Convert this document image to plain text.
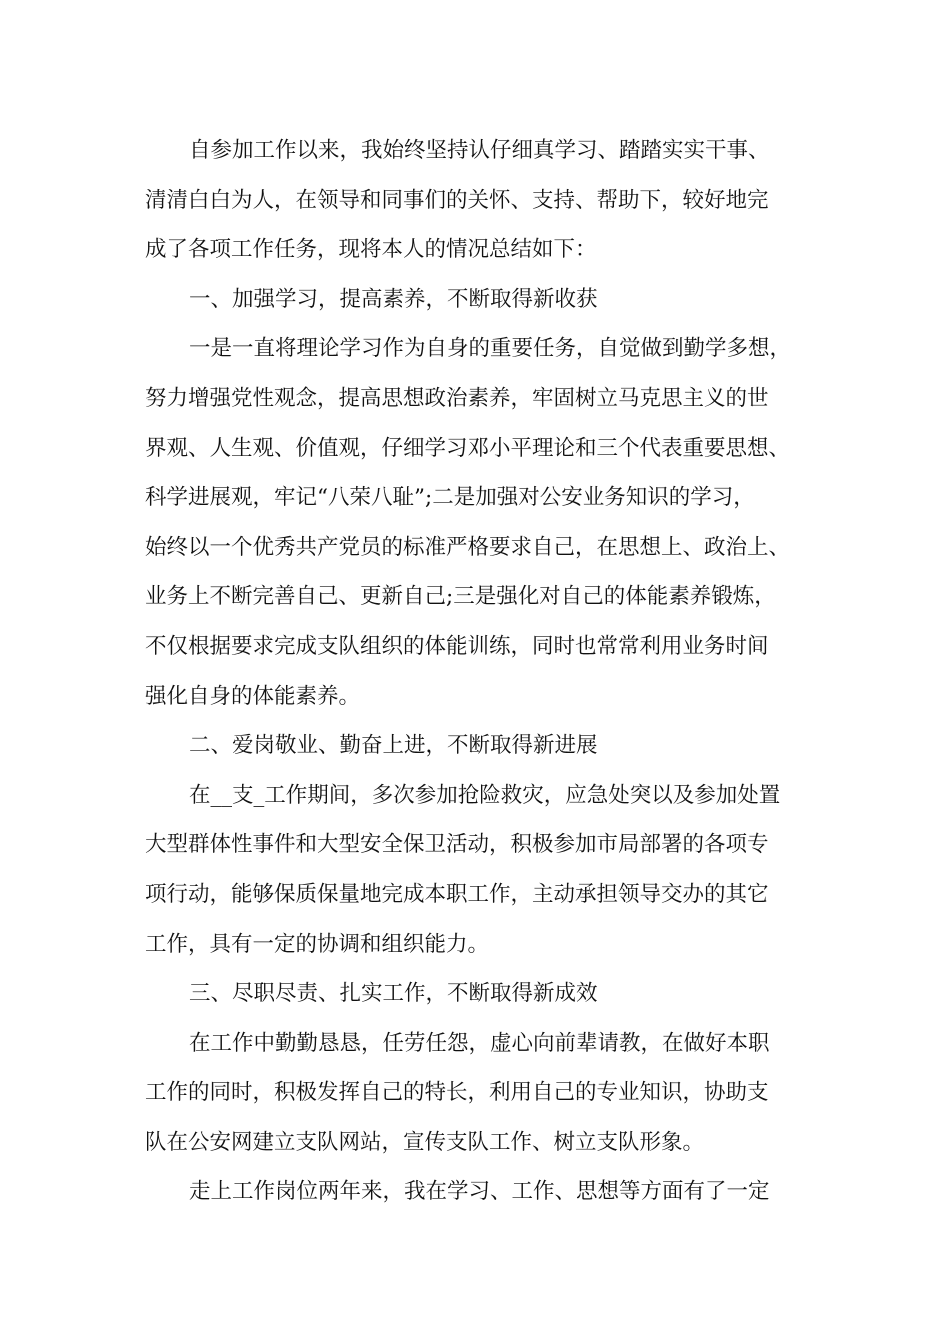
自参加工作以来，我始终坚持认仔细真学习、踏踏实实干事、
清清白白为人，在领导和同事们的关怀、支持、帮助下，较好地完
成了各项工作任务，现将本人的情况总结如下：
一、加强学习，提高素养，不断取得新收获
一是一直将理论学习作为自身的重要任务，自觉做到勤学多想，
努力增强党性观念，提高思想政治素养，牢固树立马克思主义的世
界观、人生观、价值观，仔细学习邓小平理论和三个代表重要思想、
科学进展观，牢记“八荣八耻”;二是加强对公安业务知识的学习，
始终以一个优秀共产党员的标准严格要求自己，在思想上、政治上、
业务上不断完善自己、更新自己;三是强化对自己的体能素养锻炼，
不仅根据要求完成支队组织的体能训练，同时也常常利用业务时间
强化自身的体能素养。
二、爱岗敬业、勤奋上进，不断取得新进展
在__支_工作期间，多次参加抢险救灾，应急处突以及参加处置
大型群体性事件和大型安全保卫活动，积极参加市局部署的各项专
项行动，能够保质保量地完成本职工作，主动承担领导交办的其它
工作，具有一定的协调和组织能力。
三、尽职尽责、扎实工作，不断取得新成效
在工作中勤勤恳恳，任劳任怨，虚心向前辈请教，在做好本职
工作的同时，积极发挥自己的特长，利用自己的专业知识，协助支
队在公安网建立支队网站，宣传支队工作、树立支队形象。
走上工作岗位两年来，我在学习、工作、思想等方面有了一定
